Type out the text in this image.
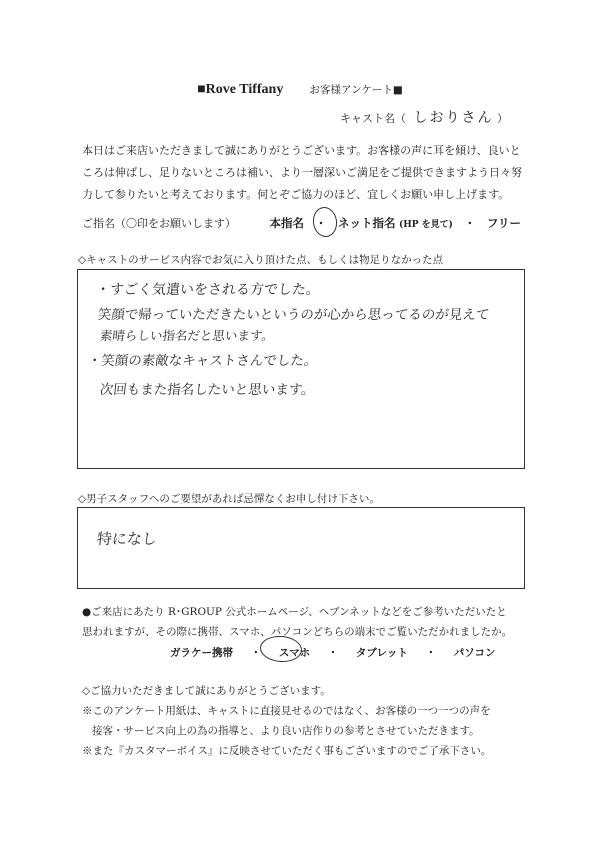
■Rove Tiffany お客様アンケート■
キャスト名（ しおりさん ）
本日はご来店いただきまして誠にありがとうございます。お客様の声に耳を傾け、良いと
ころは伸ばし、足りないところは補い、より一層深いご満足をご提供できますよう日々努
力して参りたいと考えております。何とぞご協力のほど、宜しくお願い申し上げます。
ご指名（〇印をお願いします）	本指名 ・ ネット指名 (HP を見て) ・ フリー
◇キャストのサービス内容でお気に入り頂けた点、もしくは物足りなかった点
・すごく気遣いをされる方でした。
笑顔で帰っていただきたいというのが心から思ってるのが見えて
素晴らしい指名だと思います。
・笑顔の素敵なキャストさんでした。
次回もまた指名したいと思います。
◇男子スタッフへのご要望があれば忌憚なくお申し付け下さい。
特になし
●ご来店にあたり R･GROUP 公式ホームページ、ヘブンネットなどをご参考いただいたと
思われますが、その際に携帯、スマホ、パソコンどちらの端末でご覧いただかれましたか。
ガラケー携帯 ・ スマホ ・ タブレット ・ パソコン
◇ご協力いただきまして誠にありがとうございます。
※このアンケート用紙は、キャストに直接見せるのではなく、お客様の一つ一つの声を
接客・サービス向上の為の指導と、より良い店作りの参考とさせていただきます。
※また『カスタマーボイス』に反映させていただく事もございますのでご了承下さい。
